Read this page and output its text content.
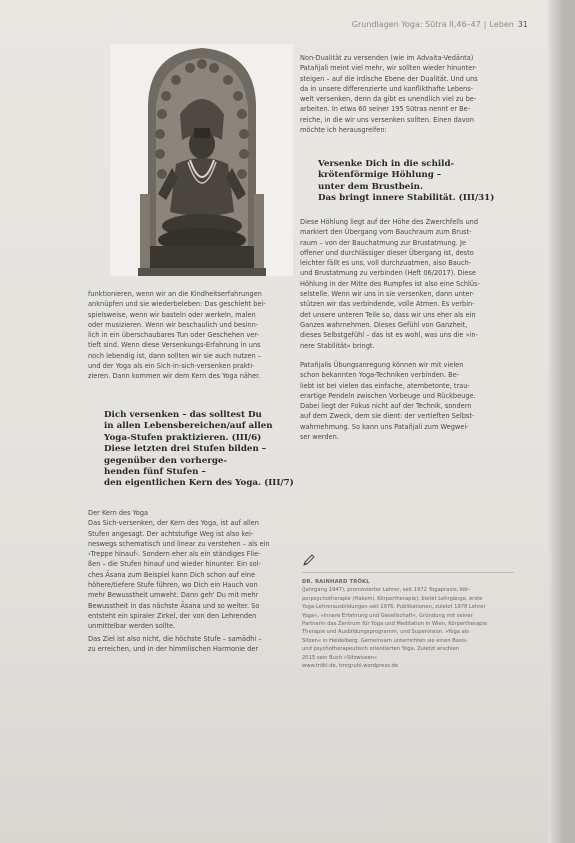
Grundlagen Yoga: Sūtra II,46–47 | Leben 31

funktionieren, wenn wir an die Kindheitserfahrungen

anknüpfen und sie wiederbeleben: Das geschieht bei-

spielsweise, wenn wir basteln oder werkeln, malen

oder musizieren. Wenn wir beschaulich und besinn-

lich in ein überschaubares Tun oder Geschehen ver-

tieft sind. Wenn diese Versenkungs-Erfahrung in uns

noch lebendig ist, dann sollten wir sie auch nutzen –

und der Yoga als ein Sich-in-sich-versenken prakti-

zieren. Dann kommen wir dem Kern des Yoga näher.

Dich versenken – das solltest Du
in allen Lebensbereichen/auf allen
Yoga-Stufen praktizieren. (III/6)
Diese letzten drei Stufen bilden –
gegenüber den vorherge-
henden fünf Stufen –
den eigentlichen Kern des Yoga. (III/7)

Der Kern des Yoga

Das Sich-versenken, der Kern des Yoga, ist auf allen

Stufen angesagt. Der achtstufige Weg ist also kei-

neswegs schematisch und linear zu verstehen – als ein

›Treppe hinauf‹. Sondern eher als ein ständiges Flie-

ßen – die Stufen hinauf und wieder hinunter. Ein sol-

ches Āsana zum Beispiel kann Dich schon auf eine

höhere/tiefere Stufe führen, wo Dich ein Hauch von

mehr Bewusstheit umweht. Dann geh' Du mit mehr

Bewusstheit in das nächste Āsana und so weiter. So

entsteht ein spiraler Zirkel, der von den Lehrenden

unmittelbar werden sollte.

Das Ziel ist also nicht, die höchste Stufe – samādhi –

zu erreichen, und in der himmlischen Harmonie der

Non-Dualität zu versenden (wie im Advaita-Vedānta)

Patañjali meint viel mehr, wir sollten wieder hinunter-

steigen – auf die irdische Ebene der Dualität. Und uns

da in unsere differenzierte und konflikthafte Lebens-

welt versenken, denn da gibt es unendlich viel zu be-

arbeiten. In etwa 60 seiner 195 Sūtras nennt er Be-

reiche, in die wir uns versenken sollten. Einen davon

möchte ich herausgreifen:

Versenke Dich in die schild-
krötenförmige Höhlung –
unter dem Brustbein.
Das bringt innere Stabilität. (III/31)

Diese Höhlung liegt auf der Höhe des Zwerchfells und

markiert den Übergang vom Bauchraum zum Brust-

raum – von der Bauchatmung zur Brustatmung. Je

offener und durchlässiger dieser Übergang ist, desto

leichter fällt es uns, voll durchzuatmen, also Bauch-

und Brustatmung zu verbinden (Heft 06/2017). Diese

Höhlung in der Mitte des Rumpfes ist also eine Schlüs-

selstelle. Wenn wir uns in sie versenken, dann unter-

stützen wir das verbindende, volle Atmen. Es verbin-

det unsere unteren Teile so, dass wir uns eher als ein

Ganzes wahrnehmen. Dieses Gefühl von Ganzheit,

dieses Selbstgefühl – das ist es wohl, was uns die »in-

nere Stabilität« bringt.

Patañjalis Übungsanregung können wir mit vielen

schon bekannten Yoga-Techniken verbinden. Be-

liebt ist bei vielen das einfache, atembetonte, trau-

erartige Pendeln zwischen Vorbeuge und Rückbeuge.

Dabei liegt der Fokus nicht auf der Technik, sondern

auf dem Zweck, dem sie dient: der vertieften Selbst-

wahrnehmung. So kann uns Patañjali zum Wegwei-

ser werden.

DR. RAINHARD TRÖKL
(Jahrgang 1947), promovierter Lehrer, seit 1972 Yogapraxis, Kör-
perpsychotherapie (Hakomi, Körpertherapie), bietet Lehrgänge, erste
Yoga-Lehrerausbildungen seit 1976. Publikationen, zuletzt 1978 Lehrer
Yoga«, »Innere Erfahrung und Gesellschaft«, Gründung mit seiner
Partnerin das Zentrum für Yoga und Meditation in Wien, Körpertherapie
Therapie und Ausbildungsprogramm, und Supervision. »Yoga als
Sitzen« in Heidelberg. Gemeinsam unterrichten sie einen Basis-
und psychotherapeutisch orientierten Yoga. Zuletzt erschien
2015 sein Buch »Sitzwissen«
www.trökl.de, tmrgruhl.wordpress.de
